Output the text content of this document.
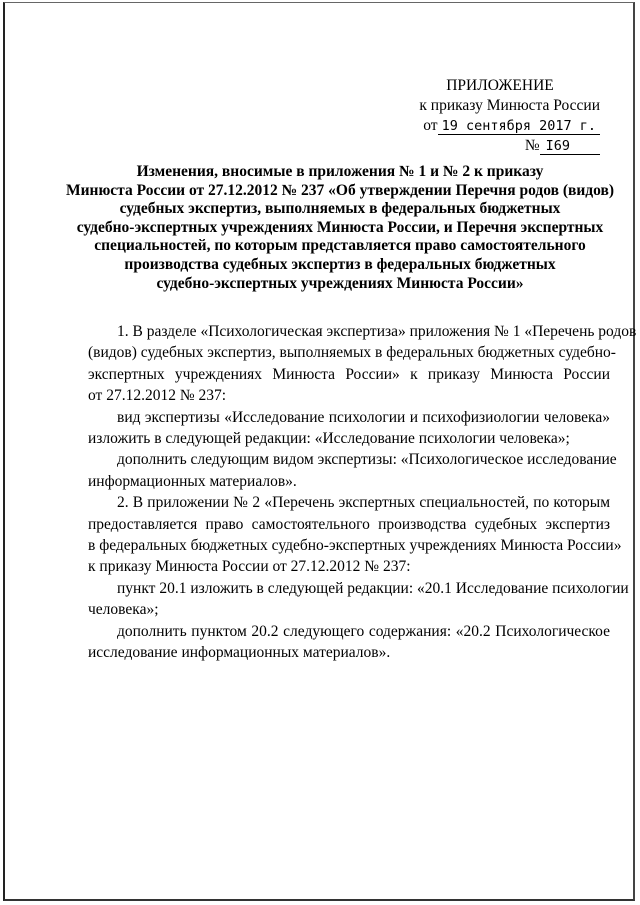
ПРИЛОЖЕНИЕ
к приказу Минюста России
от 19 сентября 2017 г.№ I69
Изменения, вносимые в приложения № 1 и № 2 к приказу
Минюста России от 27.12.2012 № 237 «Об утверждении Перечня родов (видов)
судебных экспертиз, выполняемых в федеральных бюджетных
судебно-экспертных учреждениях Минюста России, и Перечня экспертных
специальностей, по которым представляется право самостоятельного
производства судебных экспертиз в федеральных бюджетных
судебно-экспертных учреждениях Минюста России»
1. В разделе «Психологическая экспертиза» приложения № 1 «Перечень родов
(видов) судебных экспертиз, выполняемых в федеральных бюджетных судебно-
экспертных учреждениях Минюста России» к приказу Минюста России
от 27.12.2012 № 237:
вид экспертизы «Исследование психологии и психофизиологии человека»
изложить в следующей редакции: «Исследование психологии человека»;
дополнить следующим видом экспертизы: «Психологическое исследование
информационных материалов».
2. В приложении № 2 «Перечень экспертных специальностей, по которым
предоставляется право самостоятельного производства судебных экспертиз
в федеральных бюджетных судебно-экспертных учреждениях Минюста России»
к приказу Минюста России от 27.12.2012 № 237:
пункт 20.1 изложить в следующей редакции: «20.1 Исследование психологии
человека»;
дополнить пунктом 20.2 следующего содержания: «20.2 Психологическое
исследование информационных материалов».
